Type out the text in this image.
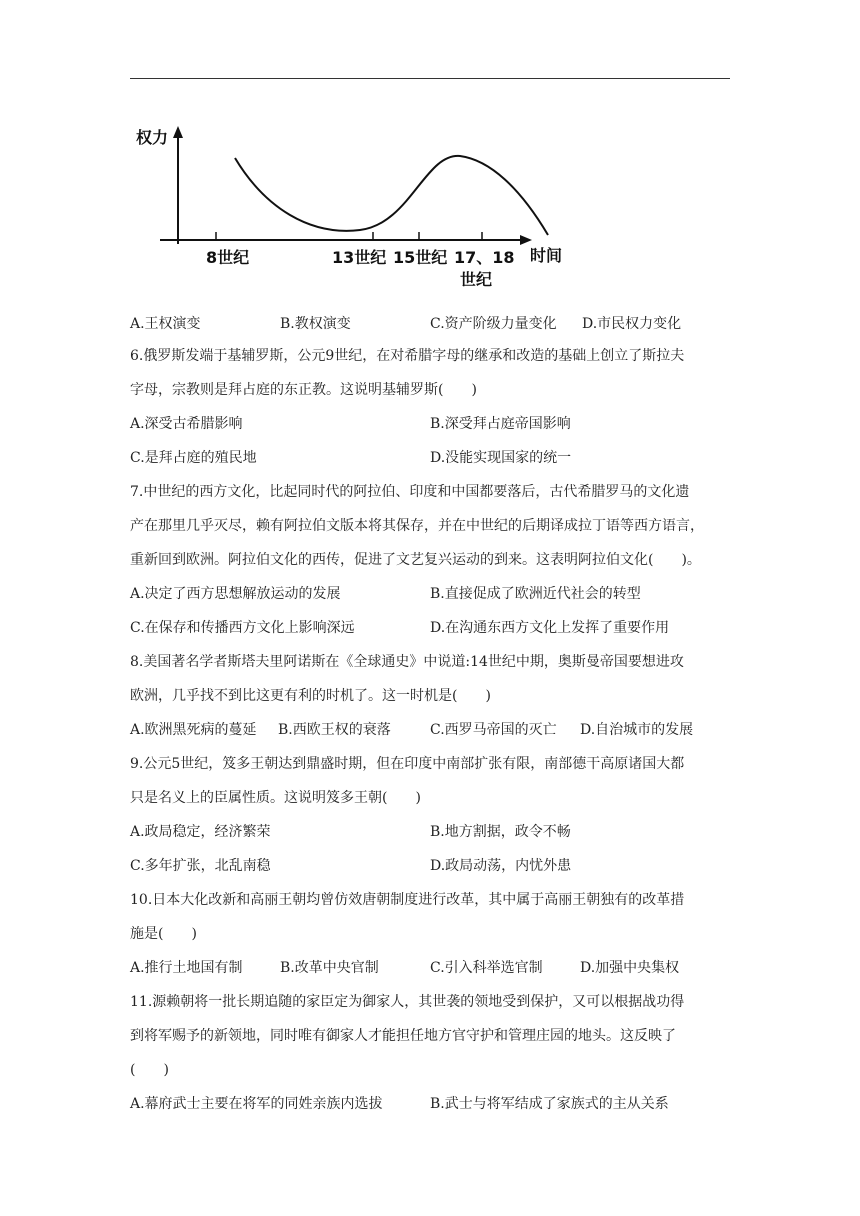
权力
时间
8世纪	13世纪 15世纪 17、18
世纪
A.王权演变	B.教权演变	C.资产阶级力量变化 D.市民权力变化
6.俄罗斯发端于基辅罗斯，公元9世纪，在对希腊字母的继承和改造的基础上创立了斯拉夫
字母，宗教则是拜占庭的东正教。这说明基辅罗斯(　　)
A.深受古希腊影响	B.深受拜占庭帝国影响
C.是拜占庭的殖民地	D.没能实现国家的统一
7.中世纪的西方文化，比起同时代的阿拉伯、印度和中国都要落后，古代希腊罗马的文化遗
产在那里几乎灭尽，赖有阿拉伯文版本将其保存，并在中世纪的后期译成拉丁语等西方语言，
重新回到欧洲。阿拉伯文化的西传，促进了文艺复兴运动的到来。这表明阿拉伯文化(　　)。
A.决定了西方思想解放运动的发展	B.直接促成了欧洲近代社会的转型
C.在保存和传播西方文化上影响深远	D.在沟通东西方文化上发挥了重要作用
8.美国著名学者斯塔夫里阿诺斯在《全球通史》中说道:14世纪中期，奥斯曼帝国要想进攻
欧洲，几乎找不到比这更有利的时机了。这一时机是(　　)
A.欧洲黑死病的蔓延 B.西欧王权的衰落	C.西罗马帝国的灭亡 D.自治城市的发展
9.公元5世纪，笈多王朝达到鼎盛时期，但在印度中南部扩张有限，南部德干高原诸国大都
只是名义上的臣属性质。这说明笈多王朝(　　)
A.政局稳定，经济繁荣	B.地方割据，政令不畅
C.多年扩张，北乱南稳	D.政局动荡，内忧外患
10.日本大化改新和高丽王朝均曾仿效唐朝制度进行改革，其中属于高丽王朝独有的改革措
施是(　　)
A.推行土地国有制	B.改革中央官制	C.引入科举选官制	D.加强中央集权
11.源赖朝将一批长期追随的家臣定为御家人，其世袭的领地受到保护，又可以根据战功得
到将军赐予的新领地，同时唯有御家人才能担任地方官守护和管理庄园的地头。这反映了
(　　)
A.幕府武士主要在将军的同姓亲族内选拔	B.武士与将军结成了家族式的主从关系
